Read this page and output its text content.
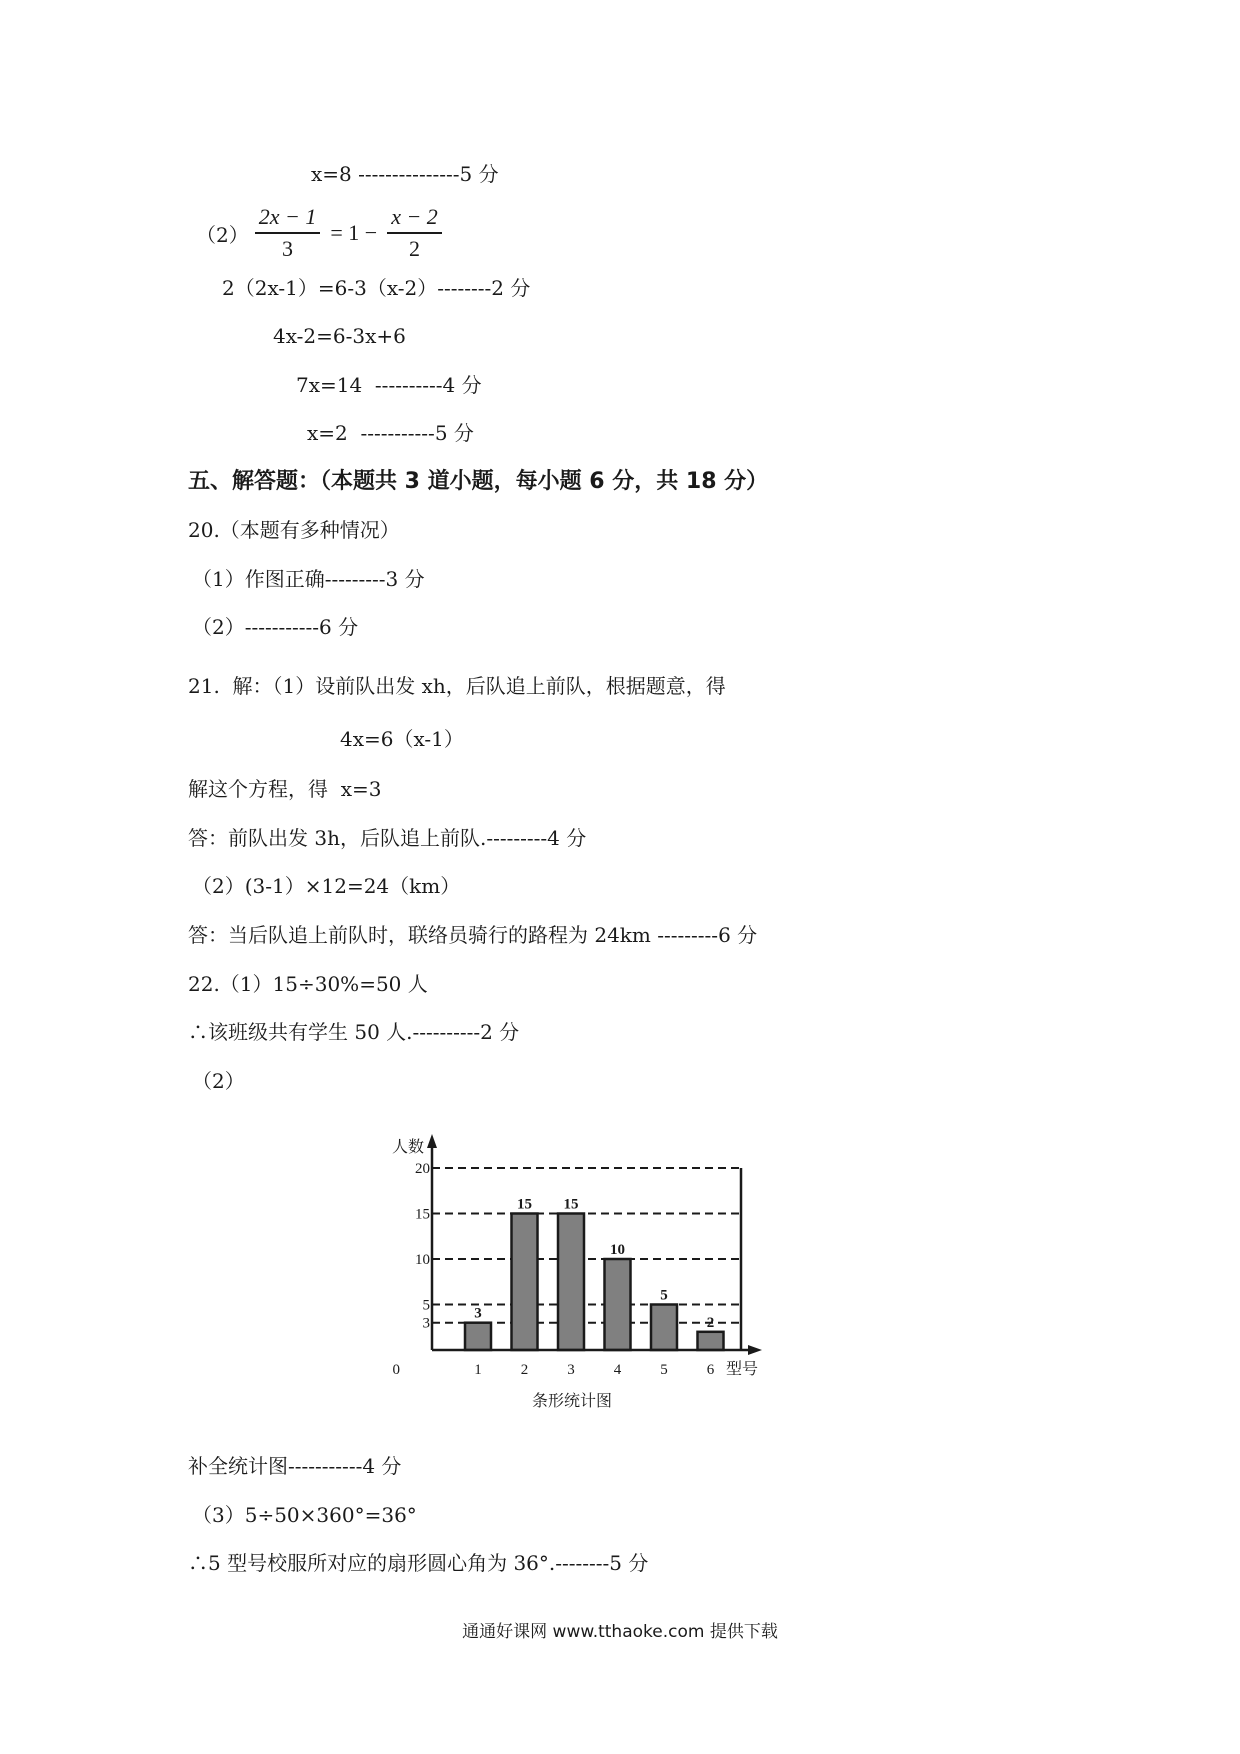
x=8 ---------------5 分
$(2) \frac{2x - 1}{3} = 1 - \frac{x - 2}{2}$
2（2x-1）=6-3（x-2）--------2 分
4x-2=6-3x+6
7x=14  ----------4 分
x=2  -----------5 分
五、解答题：（本题共 3 道小题，每小题 6 分，共 18 分）
20.（本题有多种情况）
（1）作图正确---------3 分
（2）-----------6 分
21.  解：（1）设前队出发 xh，后队追上前队，根据题意，得
4x=6（x-1）
解这个方程，得  x=3
答：前队出发 3h，后队追上前队.---------4 分
（2）(3-1）×12=24（km）
答：当后队追上前队时，联络员骑行的路程为 24km ---------6 分
22.（1）15÷30%=50 人
∴该班级共有学生 50 人.----------2 分
（2）
3
1
15
2
15
3
10
4
5
5
2
6
0
3
5
10
15
20
人数
型号
条形统计图
补全统计图-----------4 分
（3）5÷50×360°=36°
∴5 型号校服所对应的扇形圆心角为 36°.--------5 分
通通好课网 www.tthaoke.com 提供下载
